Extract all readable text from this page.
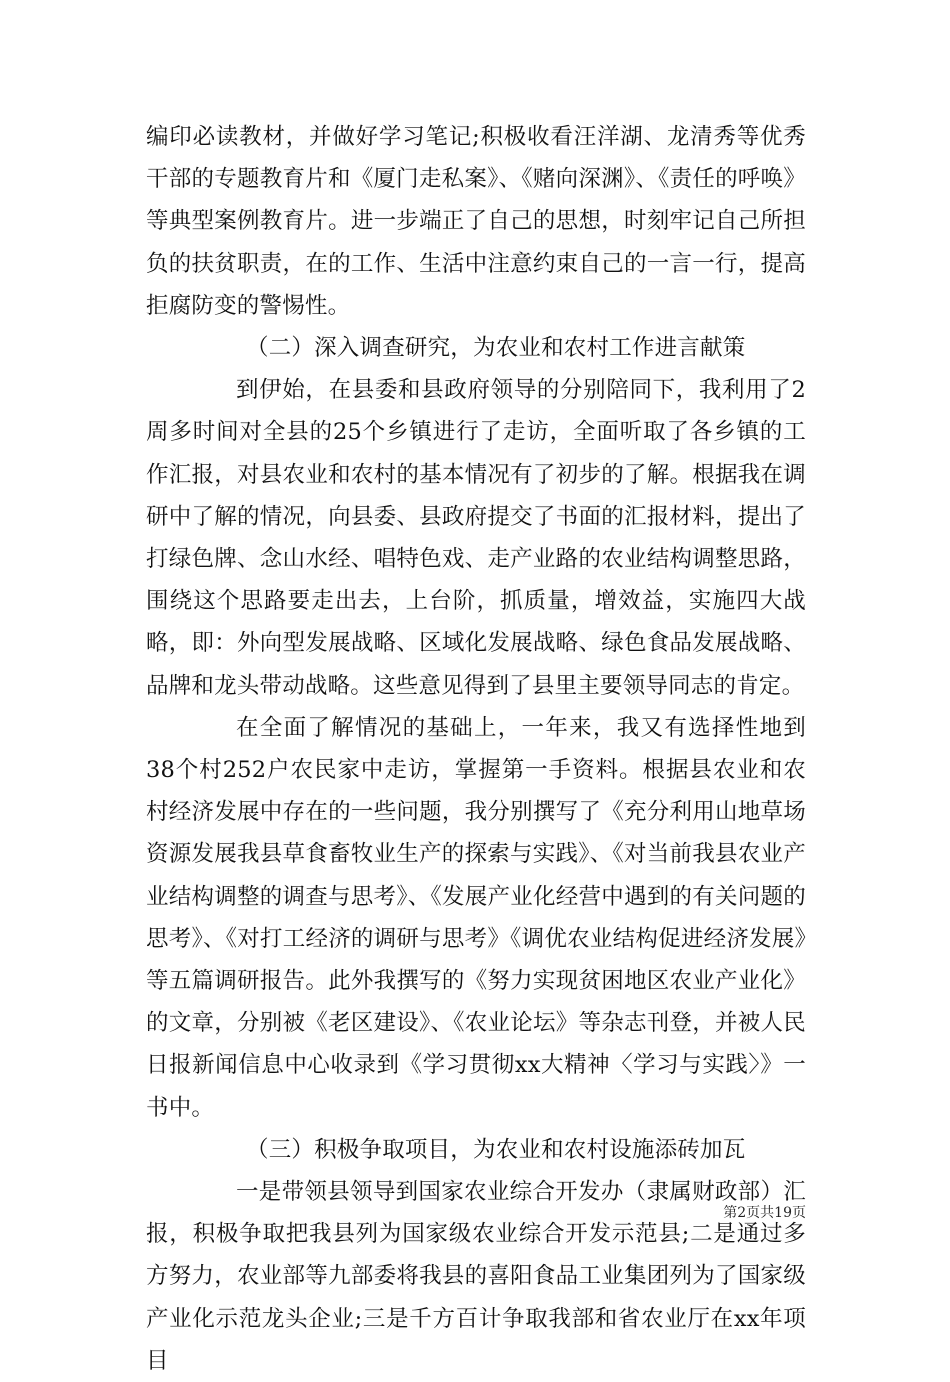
编印必读教材，并做好学习笔记;积极收看汪洋湖、龙清秀等优秀干部的专题教育片和《厦门走私案》、《赌向深渊》、《责任的呼唤》等典型案例教育片。进一步端正了自己的思想，时刻牢记自己所担负的扶贫职责，在的工作、生活中注意约束自己的一言一行，提高拒腐防变的警惕性。

（二）深入调查研究，为农业和农村工作进言献策

到伊始，在县委和县政府领导的分别陪同下，我利用了2周多时间对全县的25个乡镇进行了走访，全面听取了各乡镇的工作汇报，对县农业和农村的基本情况有了初步的了解。根据我在调研中了解的情况，向县委、县政府提交了书面的汇报材料，提出了打绿色牌、念山水经、唱特色戏、走产业路的农业结构调整思路，围绕这个思路要走出去，上台阶，抓质量，增效益，实施四大战略，即：外向型发展战略、区域化发展战略、绿色食品发展战略、品牌和龙头带动战略。这些意见得到了县里主要领导同志的肯定。

在全面了解情况的基础上，一年来，我又有选择性地到38个村252户农民家中走访，掌握第一手资料。根据县农业和农村经济发展中存在的一些问题，我分别撰写了《充分利用山地草场资源发展我县草食畜牧业生产的探索与实践》、《对当前我县农业产业结构调整的调查与思考》、《发展产业化经营中遇到的有关问题的思考》、《对打工经济的调研与思考》《调优农业结构促进经济发展》等五篇调研报告。此外我撰写的《努力实现贫困地区农业产业化》的文章，分别被《老区建设》、《农业论坛》等杂志刊登，并被人民日报新闻信息中心收录到《学习贯彻xx大精神〈学习与实践〉》一书中。

（三）积极争取项目，为农业和农村设施添砖加瓦

一是带领县领导到国家农业综合开发办（隶属财政部）汇报，积极争取把我县列为国家级农业综合开发示范县;二是通过多方努力，农业部等九部委将我县的喜阳食品工业集团列为了国家级产业化示范龙头企业;三是千方百计争取我部和省农业厅在xx年项目

第2页共19页
